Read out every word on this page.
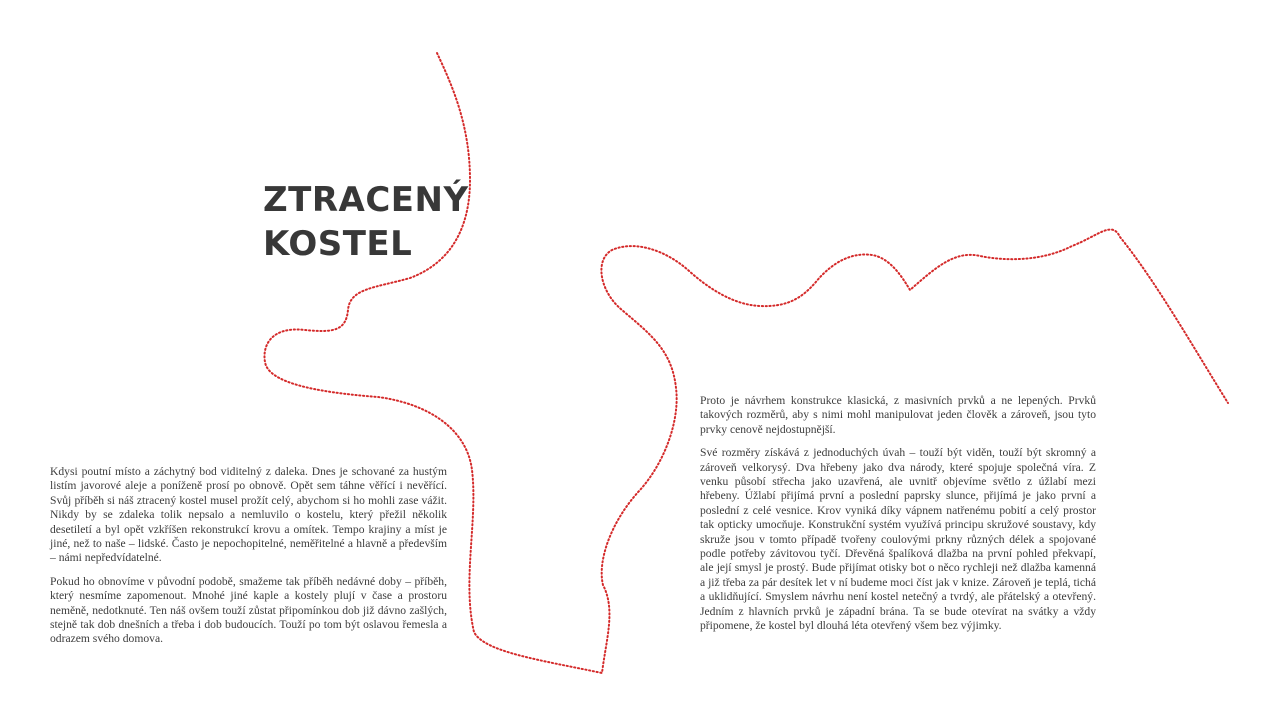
ZTRACENÝ
KOSTEL

Kdysi poutní místo a záchytný bod viditelný z daleka. Dnes je schované za hustým listím javorové aleje a poníženě prosí po obnově. Opět sem táhne věřící i nevěřící. Svůj příběh si náš ztracený kostel musel prožít celý, abychom si ho mohli zase vážit. Nikdy by se zdaleka tolik nepsalo a nemluvilo o kostelu, který přežil několik desetiletí a byl opět vzkříšen rekonstrukcí krovu a omítek. Tempo krajiny a míst je jiné, než to naše – lidské. Často je nepochopitelné, neměřitelné a hlavně a především – námi nepředvídatelné.

Pokud ho obnovíme v původní podobě, smažeme tak příběh nedávné doby – příběh, který nesmíme zapomenout. Mnohé jiné kaple a kostely plují v čase a prostoru neměně, nedotknuté. Ten náš ovšem touží zůstat připomínkou dob již dávno zašlých, stejně tak dob dnešních a třeba i dob budoucích. Touží po tom být oslavou řemesla a odrazem svého domova.

Proto je návrhem konstrukce klasická, z masivních prvků a ne lepených. Prvků takových rozměrů, aby s nimi mohl manipulovat jeden člověk a zároveň, jsou tyto prvky cenově nejdostupnější.

Své rozměry získává z jednoduchých úvah – touží být viděn, touží být skromný a zároveň velkorysý. Dva hřebeny jako dva národy, které spojuje společná víra. Z venku působí střecha jako uzavřená, ale uvnitř objevíme světlo z úžlabí mezi hřebeny. Úžlabí přijímá první a poslední paprsky slunce, přijímá je jako první a poslední z celé vesnice. Krov vyniká díky vápnem natřenému pobití a celý prostor tak opticky umocňuje. Konstrukční systém využívá principu skružové soustavy, kdy skruže jsou v tomto případě tvořeny coulovými prkny různých délek a spojované podle potřeby závitovou tyčí. Dřevěná špalíková dlažba na první pohled překvapí, ale její smysl je prostý. Bude přijímat otisky bot o něco rychleji než dlažba kamenná a již třeba za pár desítek let v ní budeme moci číst jak v knize. Zároveň je teplá, tichá a uklidňující. Smyslem návrhu není kostel netečný a tvrdý, ale přátelský a otevřený. Jedním z hlavních prvků je západní brána. Ta se bude otevírat na svátky a vždy připomene, že kostel byl dlouhá léta otevřený všem bez výjimky.
